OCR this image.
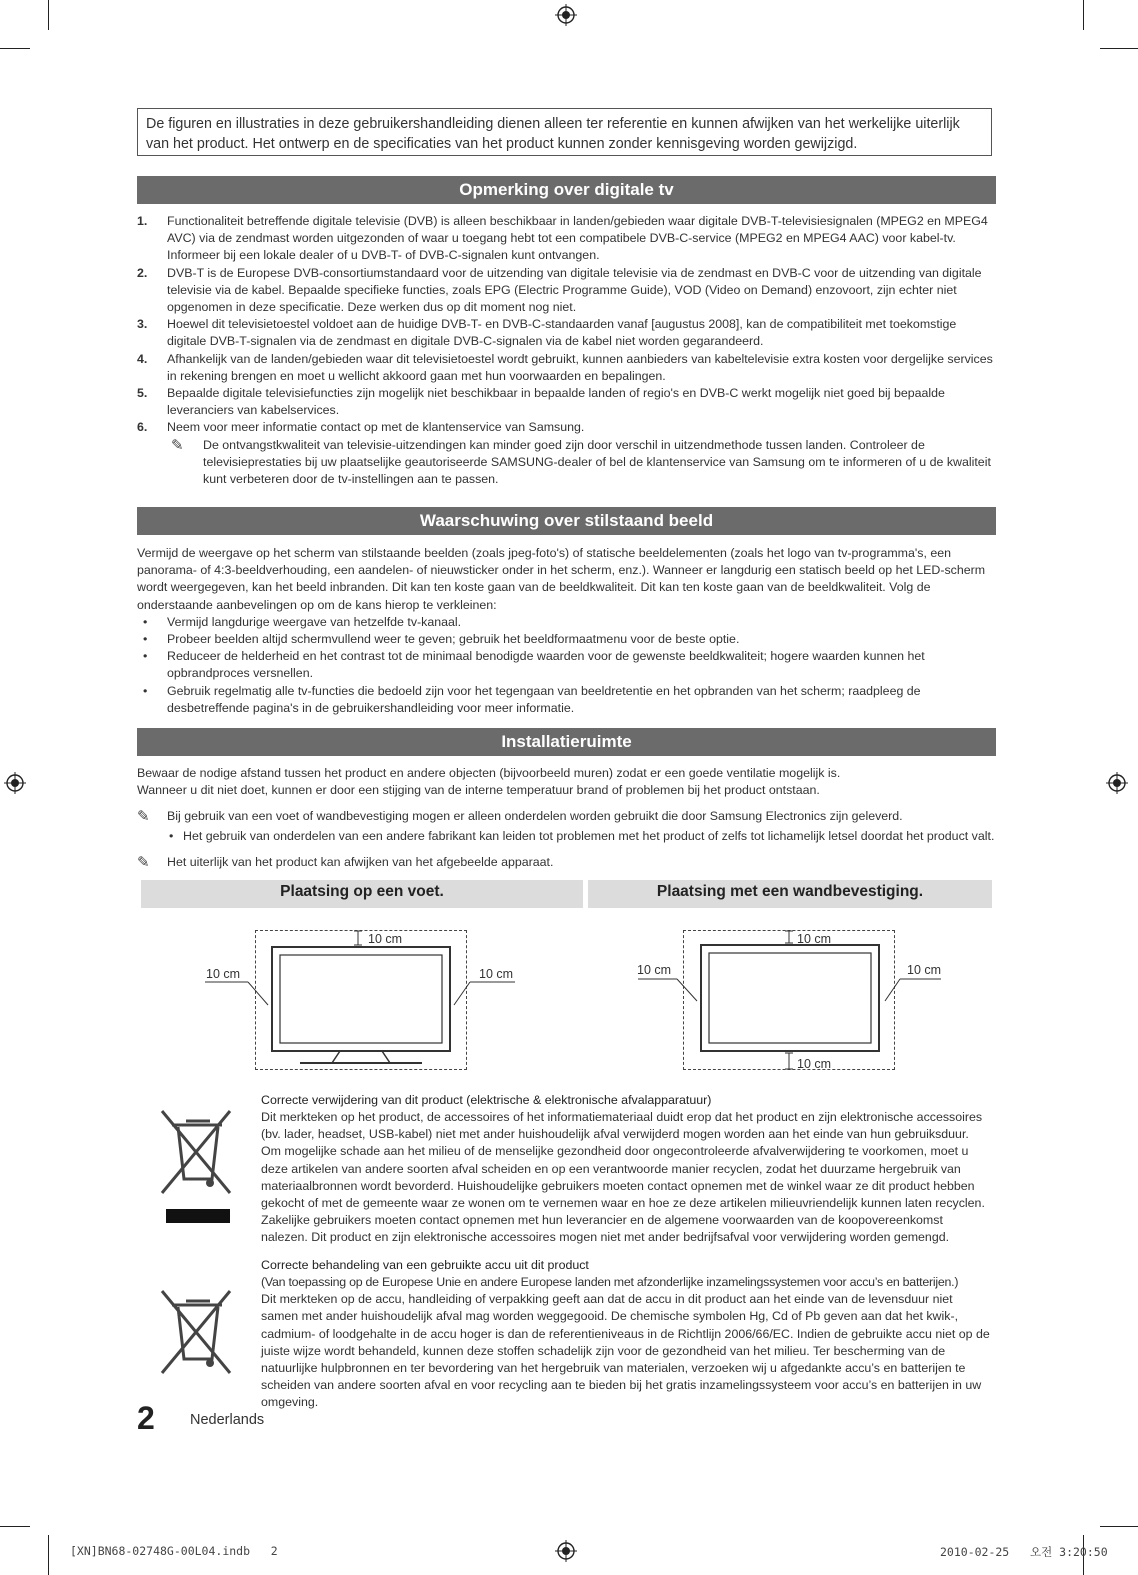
De figuren en illustraties in deze gebruikershandleiding dienen alleen ter referentie en kunnen afwijken van het werkelijke uiterlijk van het product. Het ontwerp en de specificaties van het product kunnen zonder kennisgeving worden gewijzigd.
Opmerking over digitale tv
1. Functionaliteit betreffende digitale televisie (DVB) is alleen beschikbaar in landen/gebieden waar digitale DVB-T-televisiesignalen (MPEG2 en MPEG4 AVC) via de zendmast worden uitgezonden of waar u toegang hebt tot een compatibele DVB-C-service (MPEG2 en MPEG4 AAC) voor kabel-tv. Informeer bij een lokale dealer of u DVB-T- of DVB-C-signalen kunt ontvangen.
2. DVB-T is de Europese DVB-consortiumstandaard voor de uitzending van digitale televisie via de zendmast en DVB-C voor de uitzending van digitale televisie via de kabel. Bepaalde specifieke functies, zoals EPG (Electric Programme Guide), VOD (Video on Demand) enzovoort, zijn echter niet opgenomen in deze specificatie. Deze werken dus op dit moment nog niet.
3. Hoewel dit televisietoestel voldoet aan de huidige DVB-T- en DVB-C-standaarden vanaf [augustus 2008], kan de compatibiliteit met toekomstige digitale DVB-T-signalen via de zendmast en digitale DVB-C-signalen via de kabel niet worden gegarandeerd.
4. Afhankelijk van de landen/gebieden waar dit televisietoestel wordt gebruikt, kunnen aanbieders van kabeltelevisie extra kosten voor dergelijke services in rekening brengen en moet u wellicht akkoord gaan met hun voorwaarden en bepalingen.
5. Bepaalde digitale televisiefuncties zijn mogelijk niet beschikbaar in bepaalde landen of regio's en DVB-C werkt mogelijk niet goed bij bepaalde leveranciers van kabelservices.
6. Neem voor meer informatie contact op met de klantenservice van Samsung.
✎ De ontvangstkwaliteit van televisie-uitzendingen kan minder goed zijn door verschil in uitzendmethode tussen landen. Controleer de televisieprestaties bij uw plaatselijke geautoriseerde SAMSUNG-dealer of bel de klantenservice van Samsung om te informeren of u de kwaliteit kunt verbeteren door de tv-instellingen aan te passen.
Waarschuwing over stilstaand beeld
Vermijd de weergave op het scherm van stilstaande beelden (zoals jpeg-foto's) of statische beeldelementen (zoals het logo van tv-programma's, een panorama- of 4:3-beeldverhouding, een aandelen- of nieuwsticker onder in het scherm, enz.). Wanneer er langdurig een statisch beeld op het LED-scherm wordt weergegeven, kan het beeld inbranden. Dit kan ten koste gaan van de beeldkwaliteit. Dit kan ten koste gaan van de beeldkwaliteit. Volg de onderstaande aanbevelingen op om de kans hierop te verkleinen:
• Vermijd langdurige weergave van hetzelfde tv-kanaal.
• Probeer beelden altijd schermvullend weer te geven; gebruik het beeldformaatmenu voor de beste optie.
• Reduceer de helderheid en het contrast tot de minimaal benodigde waarden voor de gewenste beeldkwaliteit; hogere waarden kunnen het opbrandproces versnellen.
• Gebruik regelmatig alle tv-functies die bedoeld zijn voor het tegengaan van beeldretentie en het opbranden van het scherm; raadpleeg de desbetreffende pagina's in de gebruikershandleiding voor meer informatie.
Installatieruimte
Bewaar de nodige afstand tussen het product en andere objecten (bijvoorbeeld muren) zodat er een goede ventilatie mogelijk is.
Wanneer u dit niet doet, kunnen er door een stijging van de interne temperatuur brand of problemen bij het product ontstaan.
✎ Bij gebruik van een voet of wandbevestiging mogen er alleen onderdelen worden gebruikt die door Samsung Electronics zijn geleverd.
• Het gebruik van onderdelen van een andere fabrikant kan leiden tot problemen met het product of zelfs tot lichamelijk letsel doordat het product valt.
✎ Het uiterlijk van het product kan afwijken van het afgebeelde apparaat.
Plaatsing op een voet.	Plaatsing met een wandbevestiging.
10 cm
10 cm	10 cm
10 cm
10 cm	10 cm
10 cm
Correcte verwijdering van dit product (elektrische & elektronische afvalapparatuur)
Dit merkteken op het product, de accessoires of het informatiemateriaal duidt erop dat het product en zijn elektronische accessoires (bv. lader, headset, USB-kabel) niet met ander huishoudelijk afval verwijderd mogen worden aan het einde van hun gebruiksduur. Om mogelijke schade aan het milieu of de menselijke gezondheid door ongecontroleerde afvalverwijdering te voorkomen, moet u deze artikelen van andere soorten afval scheiden en op een verantwoorde manier recyclen, zodat het duurzame hergebruik van materiaalbronnen wordt bevorderd. Huishoudelijke gebruikers moeten contact opnemen met de winkel waar ze dit product hebben gekocht of met de gemeente waar ze wonen om te vernemen waar en hoe ze deze artikelen milieuvriendelijk kunnen laten recyclen. Zakelijke gebruikers moeten contact opnemen met hun leverancier en de algemene voorwaarden van de koopovereenkomst nalezen. Dit product en zijn elektronische accessoires mogen niet met ander bedrijfsafval voor verwijdering worden gemengd.
Correcte behandeling van een gebruikte accu uit dit product
(Van toepassing op de Europese Unie en andere Europese landen met afzonderlijke inzamelingssystemen voor accu’s en batterijen.)
Dit merkteken op de accu, handleiding of verpakking geeft aan dat de accu in dit product aan het einde van de levensduur niet samen met ander huishoudelijk afval mag worden weggegooid. De chemische symbolen Hg, Cd of Pb geven aan dat het kwik-, cadmium- of loodgehalte in de accu hoger is dan de referentieniveaus in de Richtlijn 2006/66/EC. Indien de gebruikte accu niet op de juiste wijze wordt behandeld, kunnen deze stoffen schadelijk zijn voor de gezondheid van het milieu. Ter bescherming van de natuurlijke hulpbronnen en ter bevordering van het hergebruik van materialen, verzoeken wij u afgedankte accu’s en batterijen te scheiden van andere soorten afval en voor recycling aan te bieden bij het gratis inzamelingssysteem voor accu’s en batterijen in uw omgeving.
2 Nederlands
[XN]BN68-02748G-00L04.indb   2	2010-02-25   오전 3:20:50
